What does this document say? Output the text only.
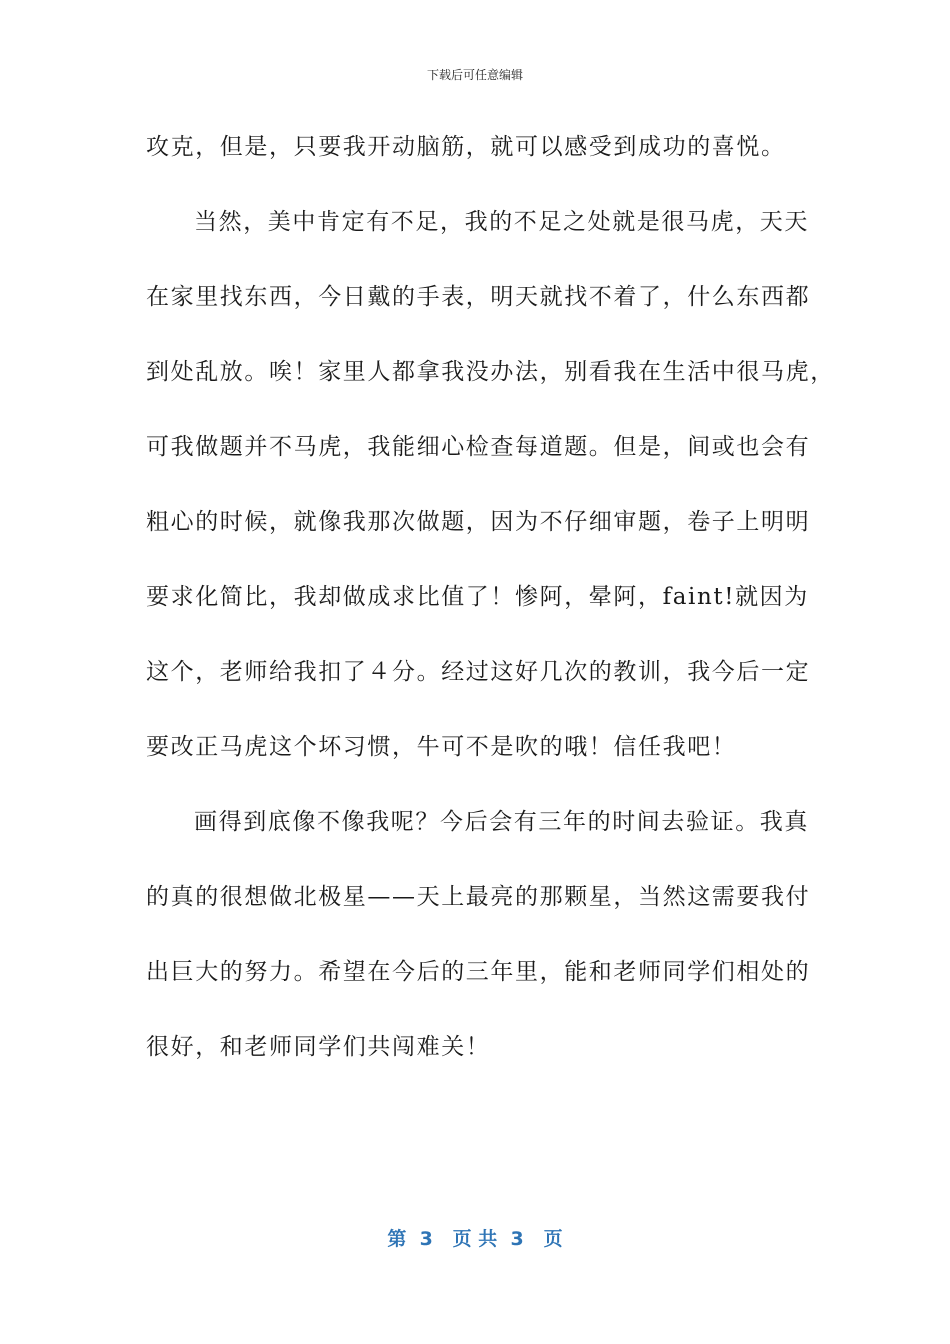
下载后可任意编辑
攻克，但是，只要我开动脑筋，就可以感受到成功的喜悦。
当然，美中肯定有不足，我的不足之处就是很马虎，天天
在家里找东西，今日戴的手表，明天就找不着了，什么东西都
到处乱放。唉！家里人都拿我没办法，别看我在生活中很马虎，
可我做题并不马虎，我能细心检查每道题。但是，间或也会有
粗心的时候，就像我那次做题，因为不仔细审题，卷子上明明
要求化简比，我却做成求比值了！惨阿，晕阿，faint!就因为
这个，老师给我扣了４分。经过这好几次的教训，我今后一定
要改正马虎这个坏习惯，牛可不是吹的哦！信任我吧！
画得到底像不像我呢？今后会有三年的时间去验证。我真
的真的很想做北极星——天上最亮的那颗星，当然这需要我付
出巨大的努力。希望在今后的三年里，能和老师同学们相处的
很好，和老师同学们共闯难关！
第  3   页 共  3   页
